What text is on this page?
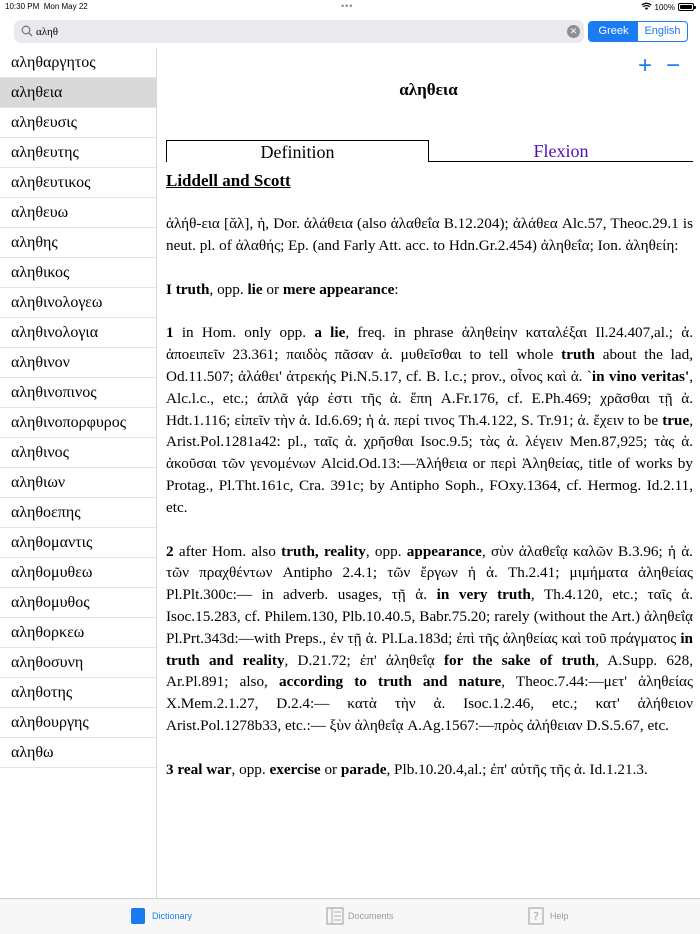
10:30 PM Mon May 22	•••	100%
αληθ
✕	Greek	English
αληθαργητος
αληθεια
αληθευσις
αληθευτης
αληθευτικος
αληθευω
αληθης
αληθικος
αληθινολογεω
αληθινολογια
αληθινον
αληθινοπινος
αληθινοπορφυρος
αληθινος
αληθιων
αληθοεπης
αληθομαντις
αληθομυθεω
αληθομυθος
αληθορκεω
αληθοσυνη
αληθοτης
αληθουργης
αληθω
+ −
αληθεια
Definition	Flexion
Liddell and Scott

ἀλήθ-εια [ᾰλ], ἡ, Dor. ἀλάθεια (also ἀλαθεΐα B.12.204); ἀλάθεα Alc.57, Theoc.29.1 is neut. pl. of ἀλαθής; Ep. (and Farly Att. acc. to Hdn.Gr.2.454) ἀληθεΐα; Ion. ἀληθείη:

I truth, opp. lie or mere appearance:

1 in Hom. only opp. a lie, freq. in phrase ἀληθείην καταλέξαι Il.24.407,al.; ἀ. ἀποειπεῖν 23.361; παιδὸς πᾶσαν ἀ. μυθεῖσθαι to tell whole truth about the lad, Od.11.507; ἀλάθει' ἀτρεκής Pi.N.5.17, cf. B. l.c.; prov., οἶνος καὶ ἀ. `in vino veritas', Alc.l.c., etc.; ἁπλᾶ γάρ ἐστι τῆς ἀ. ἔπη A.Fr.176, cf. E.Ph.469; χρᾶσθαι τῇ ἀ. Hdt.1.116; εἰπεῖν τὴν ἀ. Id.6.69; ἡ ἀ. περί τινος Th.4.122, S. Tr.91; ἀ. ἔχειν to be true, Arist.Pol.1281a42: pl., ταῖς ἀ. χρῆσθαι Isoc.9.5; τὰς ἀ. λέγειν Men.87,925; τὰς ἀ. ἀκοῦσαι τῶν γενομένων Alcid.Od.13:—Ἀλήθεια or περὶ Ἀληθείας, title of works by Protag., Pl.Tht.161c, Cra. 391c; by Antipho Soph., FOxy.1364, cf. Hermog. Id.2.11, etc.

2 after Hom. also truth, reality, opp. appearance, σὺν ἀλαθεΐᾳ καλῶν B.3.96; ἡ ἀ. τῶν πραχθέντων Antipho 2.4.1; τῶν ἔργων ἡ ἀ. Th.2.41; μιμήματα ἀληθείας Pl.Plt.300c:— in adverb. usages, τῇ ἀ. in very truth, Th.4.120, etc.; ταῖς ἀ. Isoc.15.283, cf. Philem.130, Plb.10.40.5, Babr.75.20; rarely (without the Art.) ἀληθεΐᾳ Pl.Prt.343d:—with Preps., ἐν τῇ ἀ. Pl.La.183d; ἐπὶ τῆς ἀληθείας καὶ τοῦ πράγματος in truth and reality, D.21.72; ἐπ' ἀληθεΐᾳ for the sake of truth, A.Supp. 628, Ar.Pl.891; also, according to truth and nature, Theoc.7.44:—μετ' ἀληθείας X.Mem.2.1.27, D.2.4:— κατὰ τὴν ἀ. Isoc.1.2.46, etc.; κατ' ἀλήθειον Arist.Pol.1278b33, etc.:— ξὺν ἀληθεΐᾳ A.Ag.1567:—πρὸς ἀλήθειαν D.S.5.67, etc.

3 real war, opp. exercise or parade, Plb.10.20.4,al.; ἐπ' αὐτῆς τῆς ἀ. Id.1.21.3.

Dictionary	Documents	? Help
